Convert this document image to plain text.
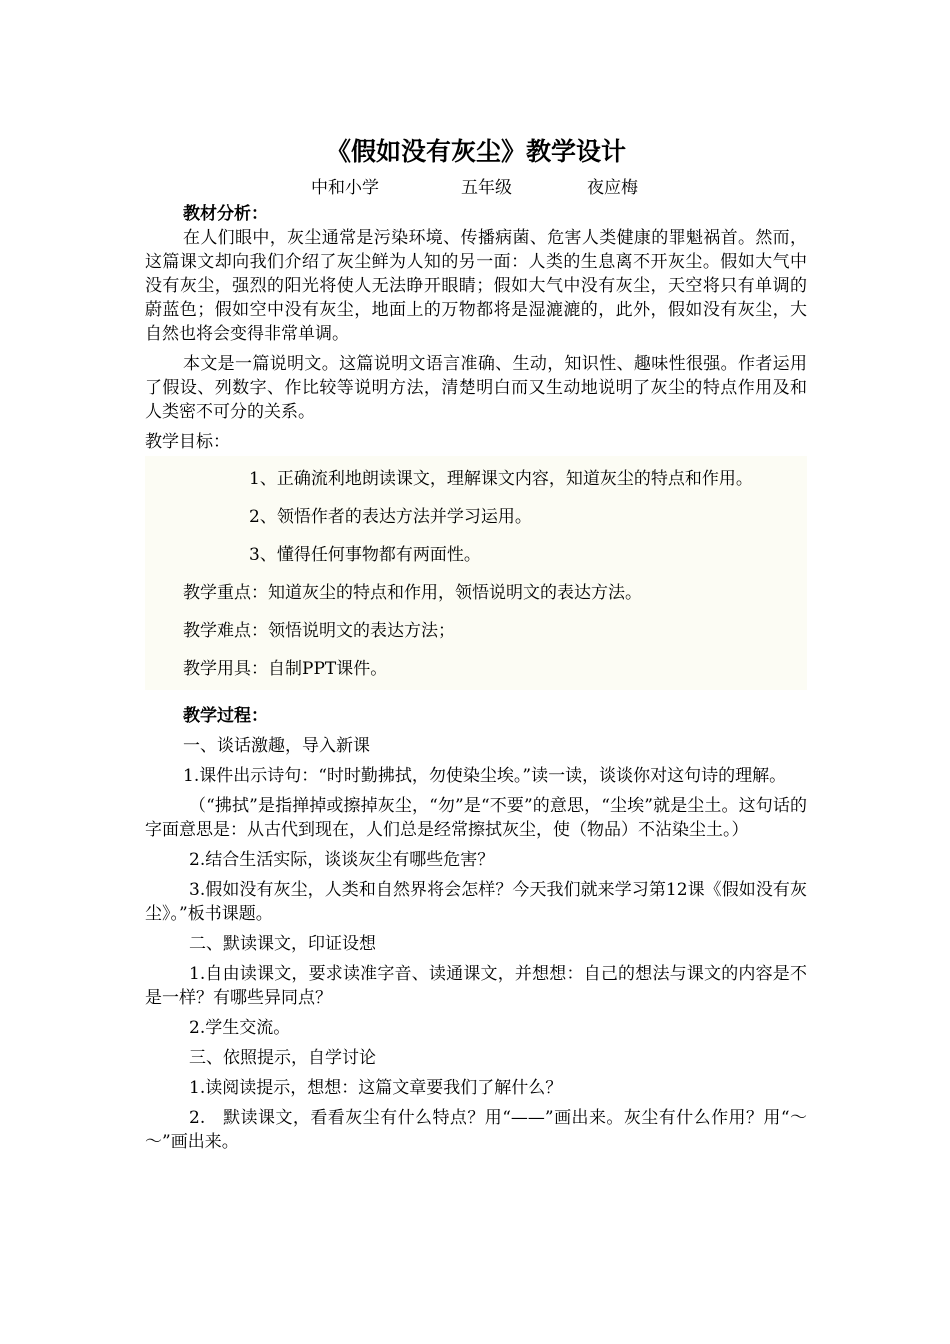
《假如没有灰尘》教学设计
中和小学	五年级	夜应梅
教材分析：

在人们眼中，灰尘通常是污染环境、传播病菌、危害人类健康的罪魁祸首。然而，这篇课文却向我们介绍了灰尘鲜为人知的另一面：人类的生息离不开灰尘。假如大气中没有灰尘，强烈的阳光将使人无法睁开眼睛；假如大气中没有灰尘，天空将只有单调的蔚蓝色；假如空中没有灰尘，地面上的万物都将是湿漉漉的，此外，假如没有灰尘，大自然也将会变得非常单调。

本文是一篇说明文。这篇说明文语言准确、生动，知识性、趣味性很强。作者运用了假设、列数字、作比较等说明方法，清楚明白而又生动地说明了灰尘的特点作用及和人类密不可分的关系。

教学目标：

1、正确流利地朗读课文，理解课文内容，知道灰尘的特点和作用。
2、领悟作者的表达方法并学习运用。
3、懂得任何事物都有两面性。
教学重点：知道灰尘的特点和作用，领悟说明文的表达方法。
教学难点：领悟说明文的表达方法；
教学用具：自制PPT课件。

教学过程：

一、谈话激趣，导入新课

1.课件出示诗句：“时时勤拂拭，勿使染尘埃。”读一读，谈谈你对这句诗的理解。

（“拂拭”是指掸掉或擦掉灰尘，“勿”是“不要”的意思，“尘埃”就是尘土。这句话的字面意思是：从古代到现在，人们总是经常擦拭灰尘，使（物品）不沾染尘土。）

2.结合生活实际，谈谈灰尘有哪些危害？

3.假如没有灰尘，人类和自然界将会怎样？今天我们就来学习第12课《假如没有灰尘》。”板书课题。

二、默读课文，印证设想

1.自由读课文，要求读准字音、读通课文，并想想：自己的想法与课文的内容是不是一样？有哪些异同点？

2.学生交流。

三、依照提示，自学讨论

1.读阅读提示，想想：这篇文章要我们了解什么？

2.　默读课文，看看灰尘有什么特点？用“——”画出来。灰尘有什么作用？用“～～”画出来。
